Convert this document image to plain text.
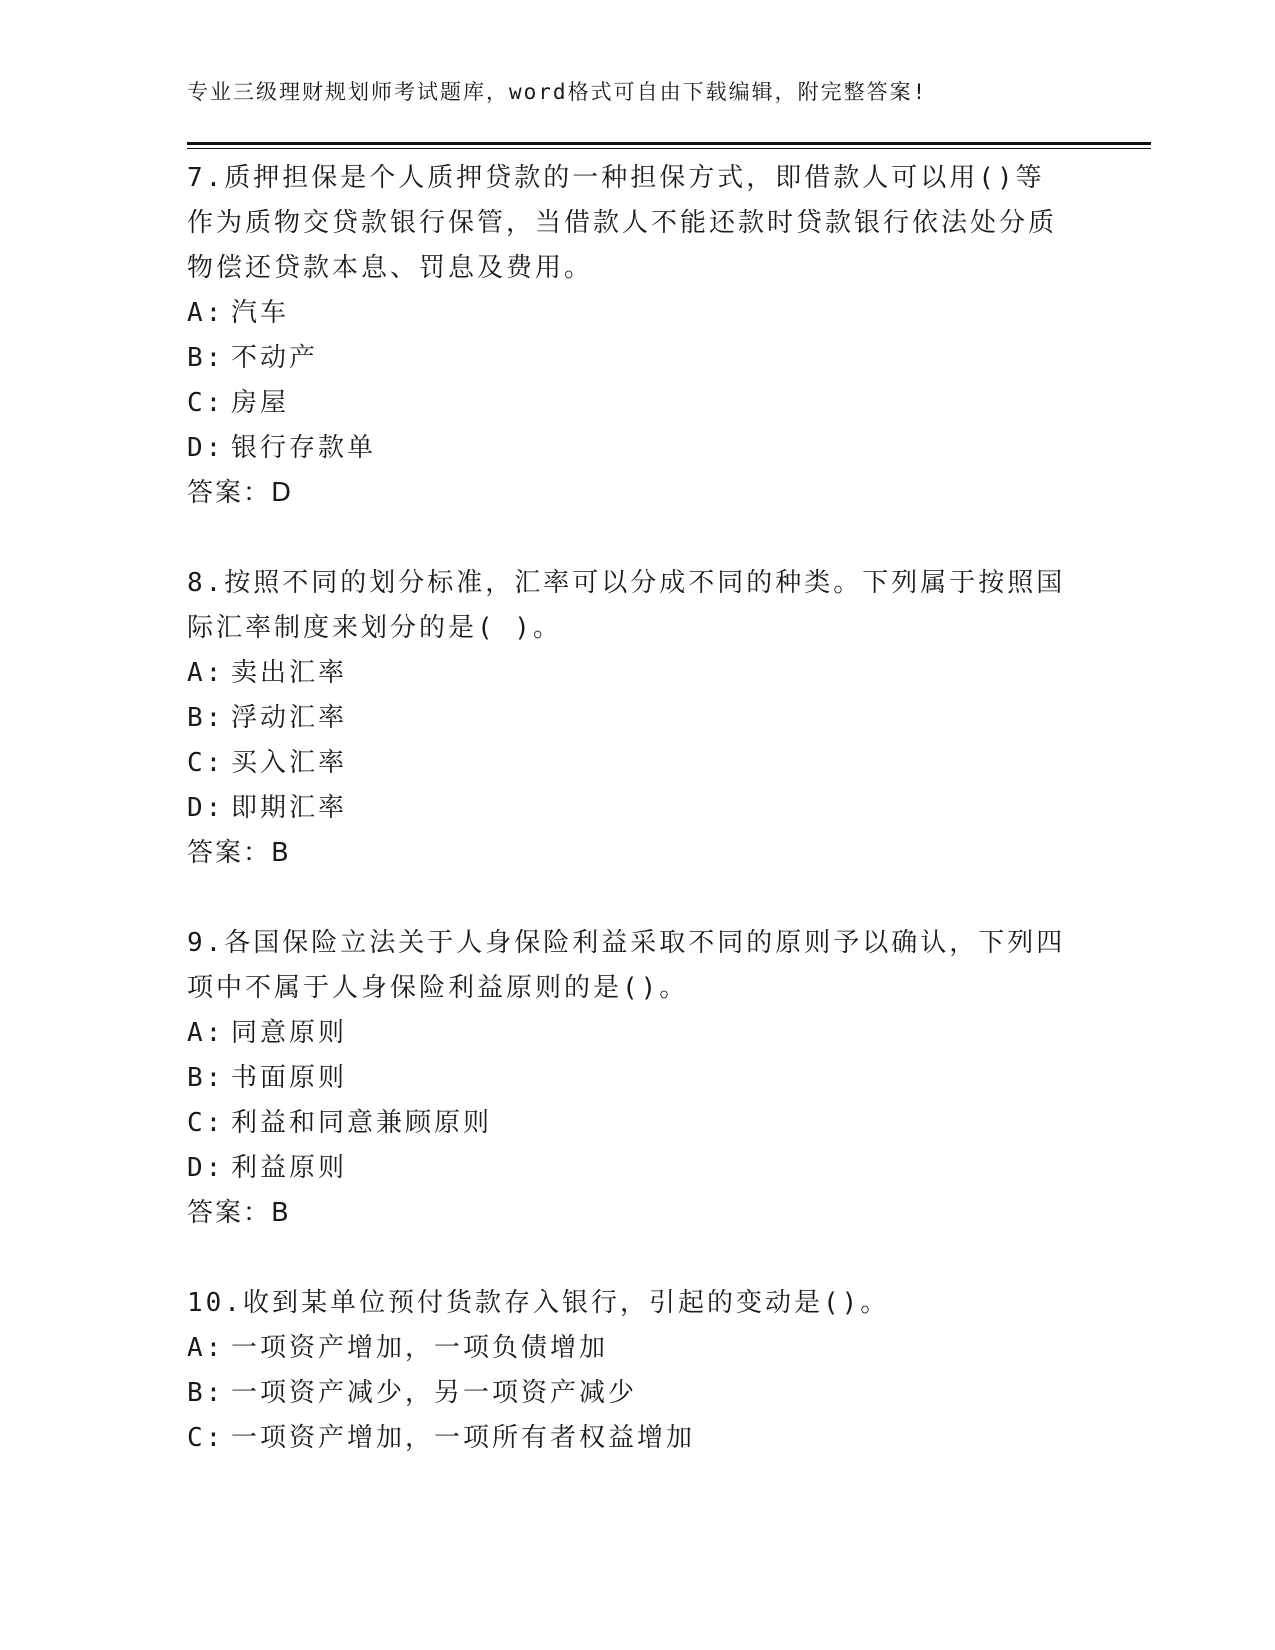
专业三级理财规划师考试题库，word格式可自由下载编辑，附完整答案!

7.质押担保是个人质押贷款的一种担保方式，即借款人可以用()等作为质物交贷款银行保管，当借款人不能还款时贷款银行依法处分质物偿还贷款本息、罚息及费用。

A: 汽车

B: 不动产

C: 房屋

D: 银行存款单

答案：D

8.按照不同的划分标准，汇率可以分成不同的种类。下列属于按照国际汇率制度来划分的是( )。

A: 卖出汇率

B: 浮动汇率

C: 买入汇率

D: 即期汇率

答案：B

9.各国保险立法关于人身保险利益采取不同的原则予以确认，下列四项中不属于人身保险利益原则的是()。

A: 同意原则

B: 书面原则

C: 利益和同意兼顾原则

D: 利益原则

答案：B

10.收到某单位预付货款存入银行，引起的变动是()。

A: 一项资产增加，一项负债增加

B: 一项资产减少，另一项资产减少

C: 一项资产增加，一项所有者权益增加
